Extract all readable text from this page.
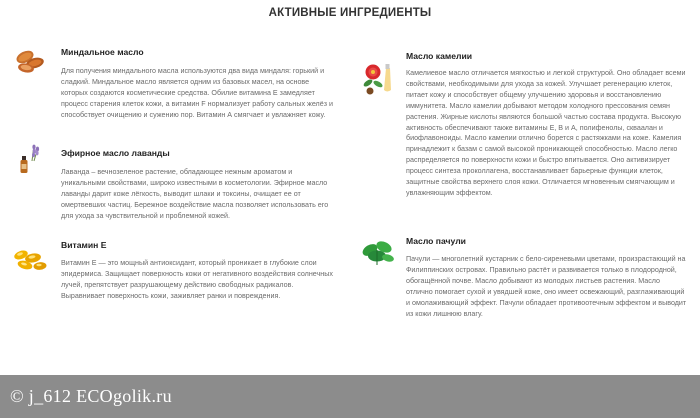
АКТИВНЫЕ ИНГРЕДИЕНТЫ
Миндальное масло

Для получения миндального масла используются два вида миндаля: горький и сладкий. Миндальное масло является одним из базовых масел, на основе которых создаются косметические средства. Обилие витамина Е замедляет процесс старения клеток кожи, а витамин F нормализует работу сальных желёз и способствует очищению и сужению пор. Витамин А смягчает и увлажняет кожу.

Эфирное масло лаванды

Лаванда – вечнозеленое растение, обладающее нежным ароматом и уникальными свойствами, широко известными в косметологии. Эфирное масло лаванды дарит коже лёгкость, выводит шлаки и токсины, очищает ее от омертвевших частиц. Бережное воздействие масла позволяет использовать его для ухода за чувствительной и проблемной кожей.

Витамин Е

Витамин Е — это мощный антиоксидант, который проникает в глубокие слои эпидермиса. Защищает поверхность кожи от негативного воздействия солнечных лучей, препятствует разрушающему действию свободных радикалов. Выравнивает поверхность кожи, заживляет ранки и повреждения.

Масло камелии

Камелиевое масло отличается мягкостью и легкой структурой. Оно обладает всеми свойствами, необходимыми для ухода за кожей. Улучшает регенерацию клеток, питает кожу и способствует общему улучшению здоровья и восстановлению иммунитета. Масло камелии добывают методом холодного прессования семян растения. Жирные кислоты являются большой частью состава продукта. Высокую активность обеспечивают также витамины Е, В и А, полифенолы, скваалан и биофлавоноиды. Масло камелии отлично борется с растяжками на коже. Камелия принадлежит к базам с самой высокой проникающей способностью. Масло легко распределяется по поверхности кожи и быстро впитывается. Оно активизирует процесс синтеза проколлагена, восстанавливает барьерные функции клеток, защитные свойства верхнего слоя кожи. Отличается мгновенным смягчающим и увлажняющим эффектом.

Масло пачули

Пачули — многолетний кустарник с бело-сиреневыми цветами, произрастающий на Филиппинских островах. Правильно растёт и развивается только в плодородной, обогащённой почве. Масло добывают из молодых листьев растения. Масло отлично помогает сухой и увядшей коже, оно имеет освежающий, разглаживающий и омолаживающий эффект. Пачули обладает противоотечным эффектом и выводит из кожи лишнюю влагу.

© j_612 ECOgolik.ru
